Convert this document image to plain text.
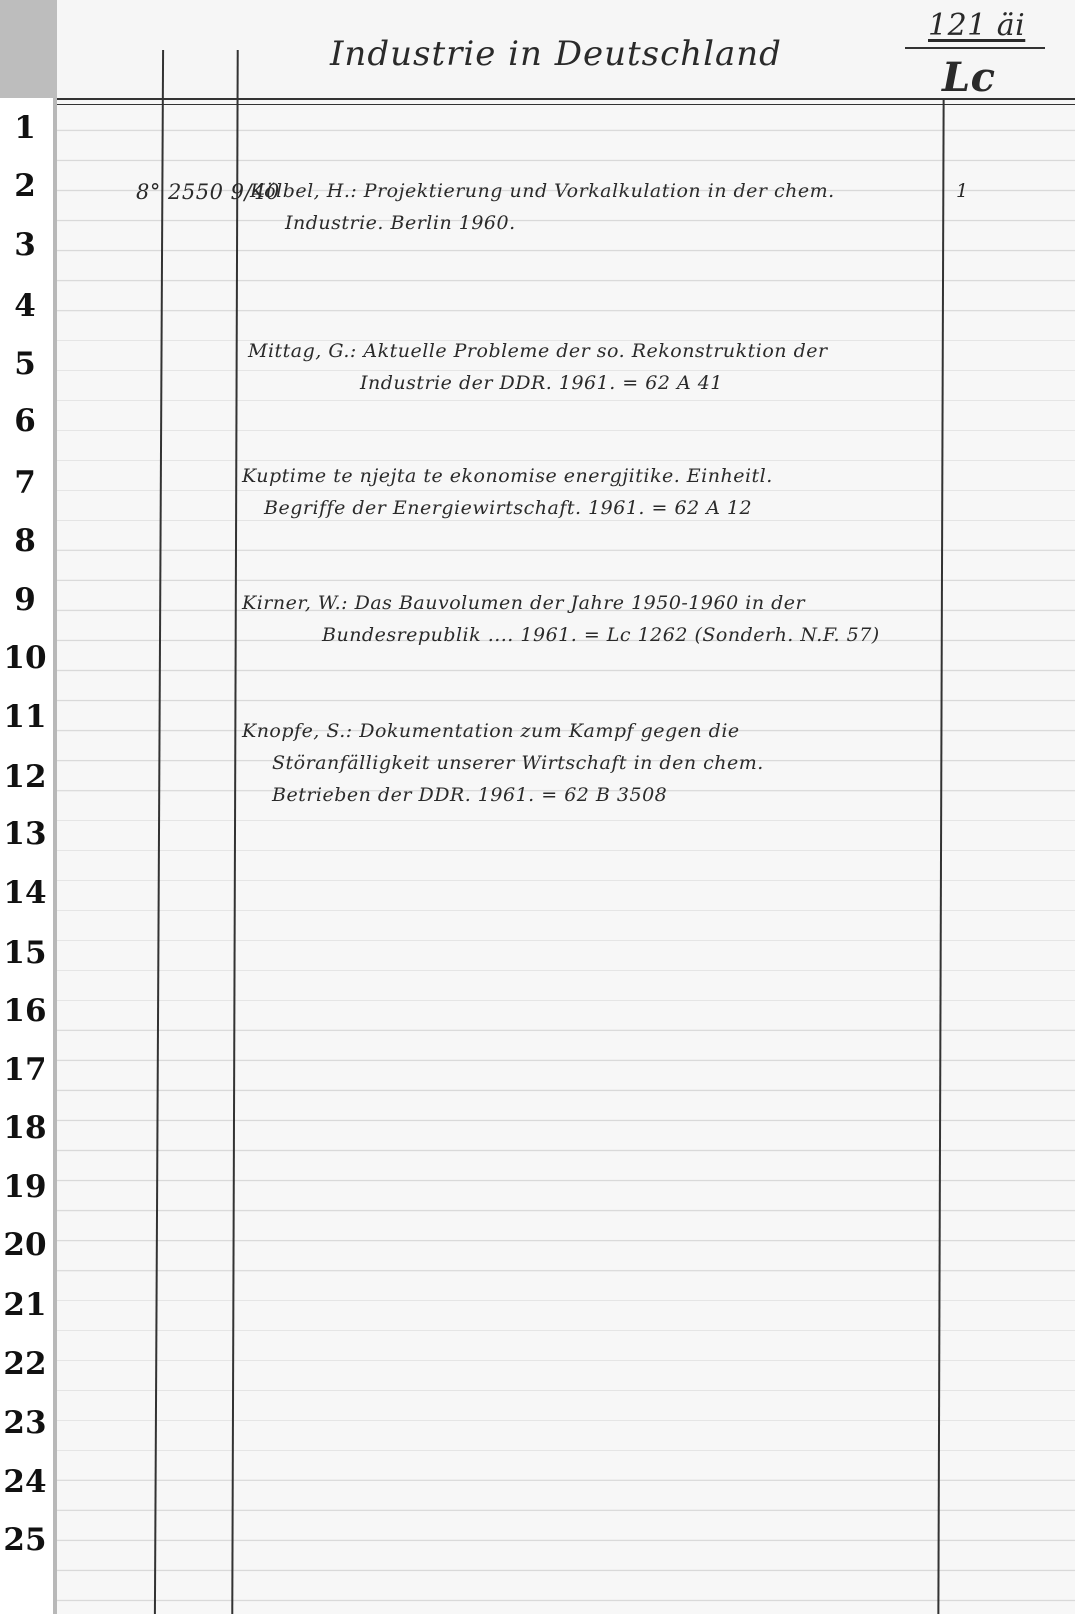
1
2
3
4
5
6
7
8
9
10
11
12
13
14
15
16
17
18
19
20
21
22
23
24
25
Industrie in Deutschland
121 äi
Lc
8° 2550 9/40
Kölbel, H.: Projektierung und Vorkalkulation in der chem.
Industrie. Berlin 1960.
1
Mittag, G.: Aktuelle Probleme der so. Rekonstruktion der
Industrie der DDR. 1961. = 62 A 41
Kuptime te njejta te ekonomise energjitike. Einheitl.
Begriffe der Energiewirtschaft. 1961. = 62 A 12
Kirner, W.: Das Bauvolumen der Jahre 1950-1960 in der
Bundesrepublik .... 1961. = Lc 1262 (Sonderh. N.F. 57)
Knopfe, S.: Dokumentation zum Kampf gegen die
Störanfälligkeit unserer Wirtschaft in den chem.
Betrieben der DDR. 1961. = 62 B 3508
